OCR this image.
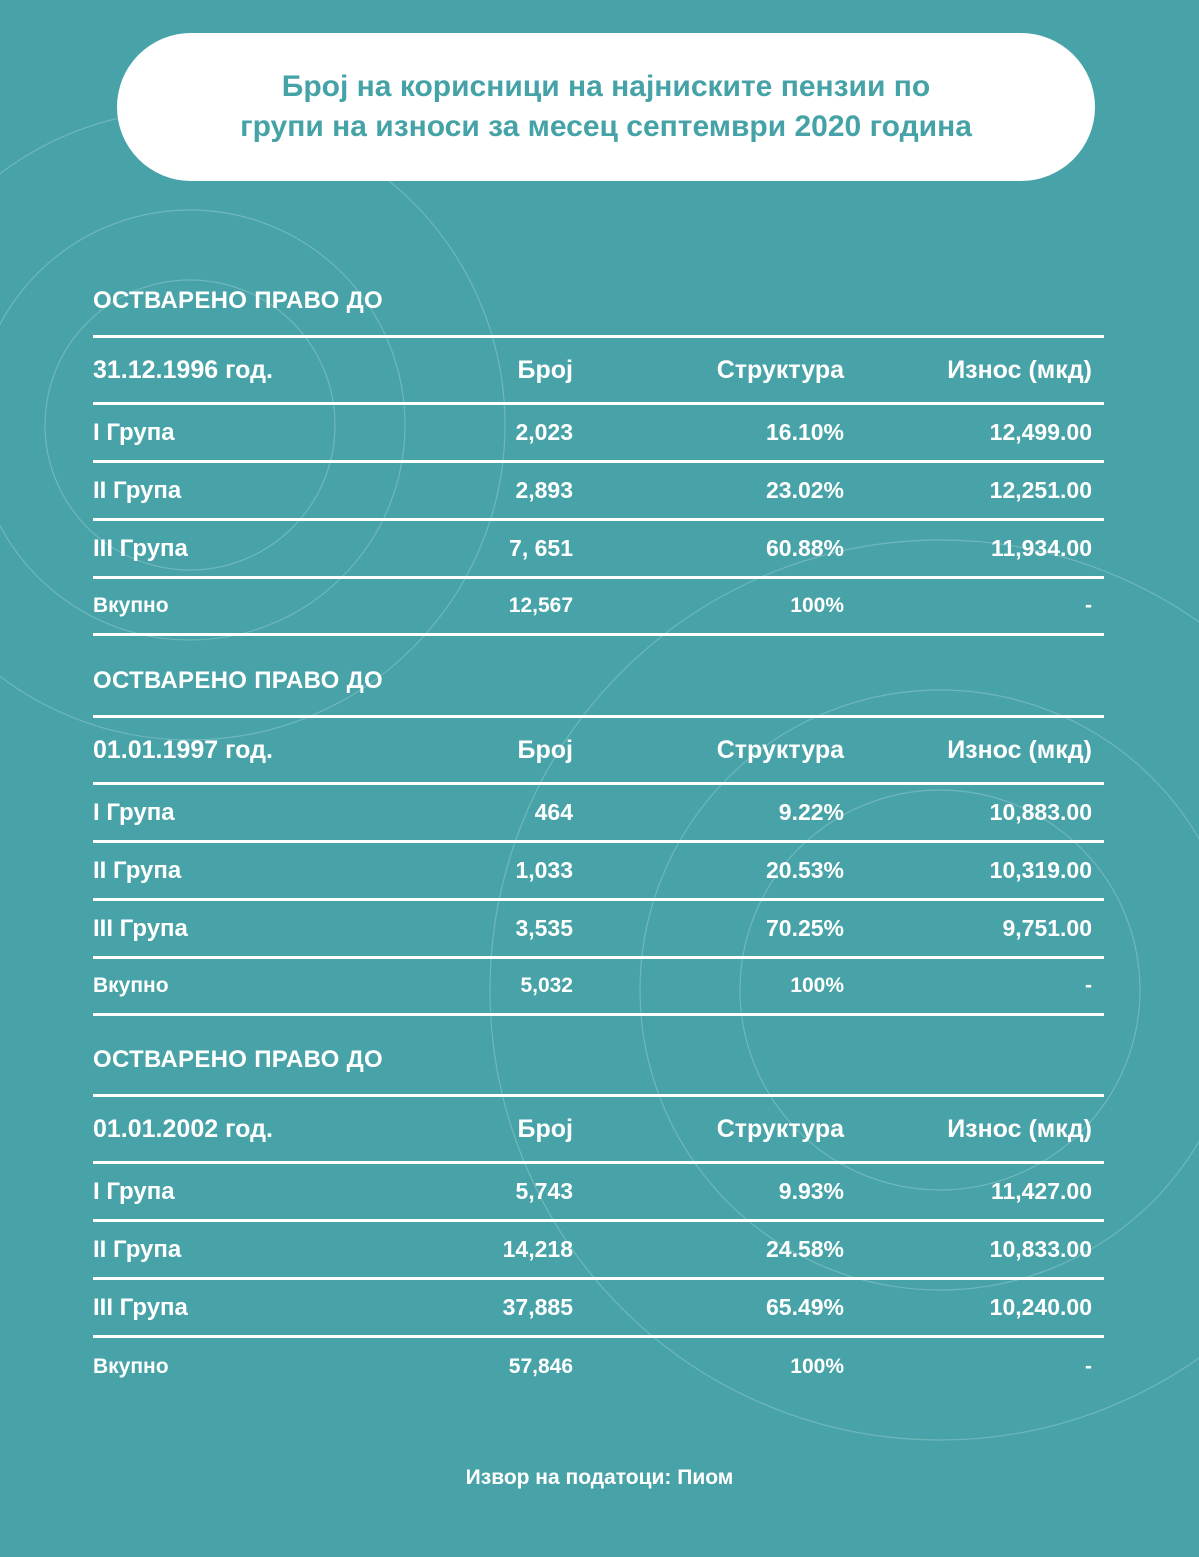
Број на корисници на најниските пензии по
групи на износи за месец септември 2020 година
ОСТВАРЕНО ПРАВО ДО
31.12.1996 год.	Број	Структура	Износ (мкд)
I Група	2,023	16.10%	12,499.00
II Група	2,893	23.02%	12,251.00
III Група	7, 651	60.88%	11,934.00
Вкупно	12,567	100%	-
ОСТВАРЕНО ПРАВО ДО
01.01.1997 год.	Број	Структура	Износ (мкд)
I Група	464	9.22%	10,883.00
II Група	1,033	20.53%	10,319.00
III Група	3,535	70.25%	9,751.00
Вкупно	5,032	100%	-
ОСТВАРЕНО ПРАВО ДО
01.01.2002 год.	Број	Структура	Износ (мкд)
I Група	5,743	9.93%	11,427.00
II Група	14,218	24.58%	10,833.00
III Група	37,885	65.49%	10,240.00
Вкупно	57,846	100%	-
Извор на податоци: Пиом
